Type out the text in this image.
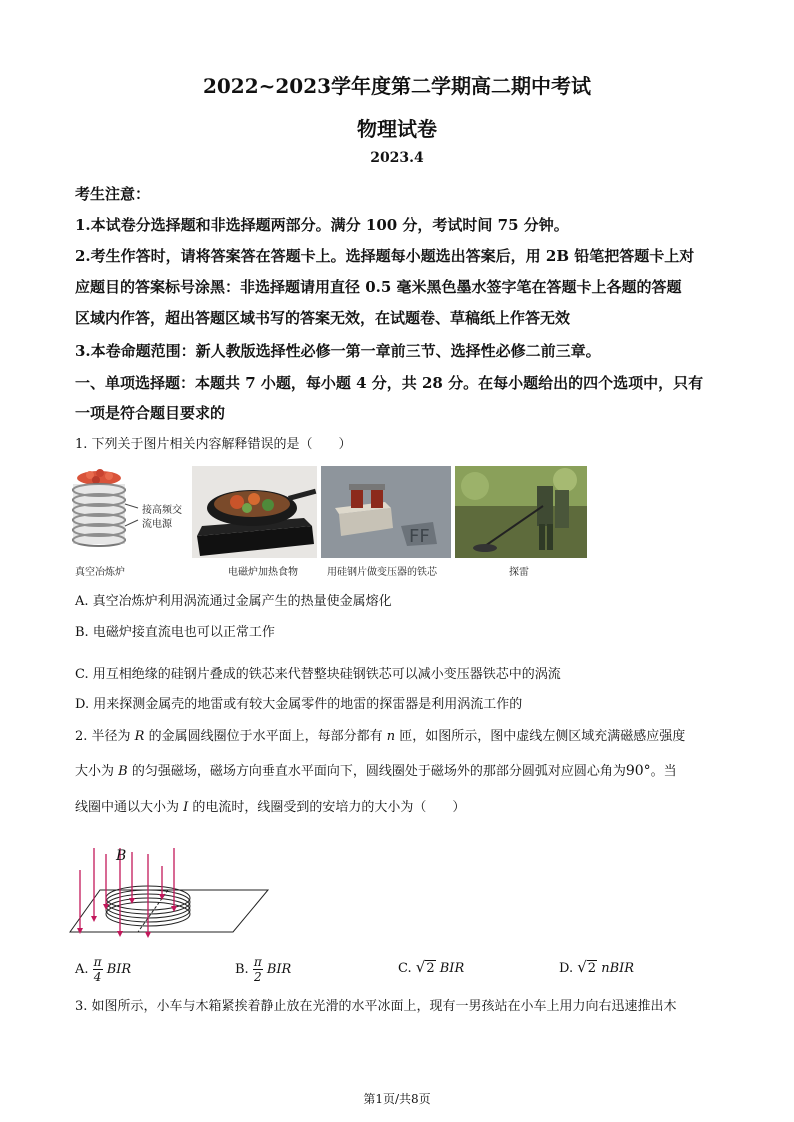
2022~2023学年度第二学期高二期中考试
物理试卷
2023.4
考生注意：
1.本试卷分选择题和非选择题两部分。满分 100 分，考试时间 75 分钟。
2.考生作答时，请将答案答在答题卡上。选择题每小题选出答案后，用 2B 铅笔把答题卡上对
应题目的答案标号涂黑：非选择题请用直径 0.5 毫米黑色墨水签字笔在答题卡上各题的答题
区域内作答，超出答题区域书写的答案无效，在试题卷、草稿纸上作答无效
3.本卷命题范围：新人教版选择性必修一第一章前三节、选择性必修二前三章。
一、单项选择题：本题共 7 小题，每小题 4 分，共 28 分。在每小题给出的四个选项中，只有
一项是符合题目要求的
1. 下列关于图片相关内容解释错误的是（　　）
接高频交
流电源
真空冶炼炉	电磁炉加热食物
FF
用硅钢片做变压器的铁芯	探雷
A. 真空冶炼炉利用涡流通过金属产生的热量使金属熔化
B. 电磁炉接直流电也可以正常工作
C. 用互相绝缘的硅钢片叠成的铁芯来代替整块硅钢铁芯可以减小变压器铁芯中的涡流
D. 用来探测金属壳的地雷或有较大金属零件的地雷的探雷器是利用涡流工作的
2. 半径为 R 的金属圆线圈位于水平面上，每部分都有 n 匝，如图所示，图中虚线左侧区域充满磁感应强度
大小为 B 的匀强磁场，磁场方向垂直水平面向下，圆线圈处于磁场外的那部分圆弧对应圆心角为90°。当
线圈中通以大小为 I 的电流时，线圈受到的安培力的大小为（　　）
B
A. $\frac{\pi}{4}$ BIR	B. $\frac{\pi}{2}$ BIR	C. √2 BIR	D. √2 nBIR
3. 如图所示，小车与木箱紧挨着静止放在光滑的水平冰面上，现有一男孩站在小车上用力向右迅速推出木
第1页/共8页
